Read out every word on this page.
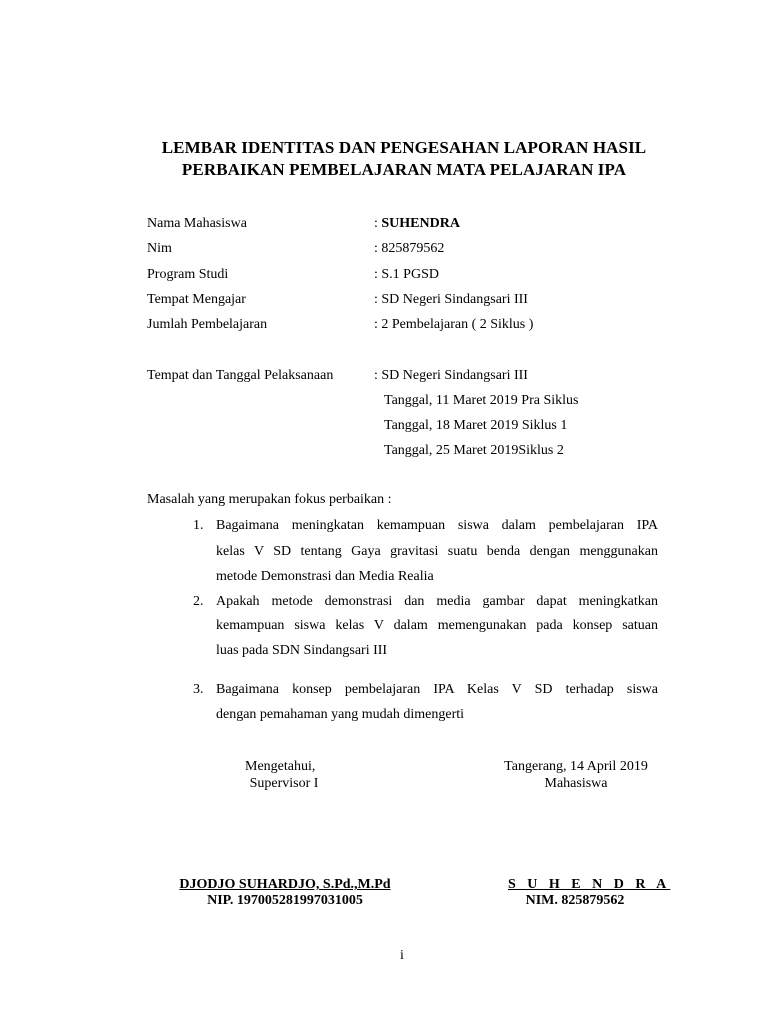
LEMBAR IDENTITAS DAN PENGESAHAN LAPORAN HASIL
PERBAIKAN PEMBELAJARAN MATA PELAJARAN IPA
Nama Mahasiswa	: SUHENDRA
Nim	: 825879562
Program Studi	: S.1 PGSD
Tempat Mengajar	: SD Negeri Sindangsari III
Jumlah Pembelajaran	: 2 Pembelajaran ( 2 Siklus )
Tempat dan Tanggal Pelaksanaan	: SD Negeri Sindangsari III
Tanggal, 11 Maret 2019 Pra Siklus
Tanggal, 18 Maret 2019 Siklus 1
Tanggal, 25 Maret 2019Siklus 2
Masalah yang merupakan fokus perbaikan :
1. Bagaimana meningkatan kemampuan siswa dalam pembelajaran IPA
kelas V SD tentang Gaya gravitasi suatu benda dengan menggunakan
metode Demonstrasi dan Media Realia
2. Apakah metode demonstrasi dan media gambar dapat meningkatkan
kemampuan siswa kelas V dalam memengunakan pada konsep satuan
luas pada SDN Sindangsari III
3. Bagaimana konsep pembelajaran IPA Kelas V SD terhadap siswa
dengan pemahaman yang mudah dimengerti
Mengetahui,
Supervisor I
Tangerang, 14 April 2019
Mahasiswa
DJODJO SUHARDJO, S.Pd.,M.Pd
NIP. 197005281997031005
S U H E N D R A
NIM. 825879562
i
